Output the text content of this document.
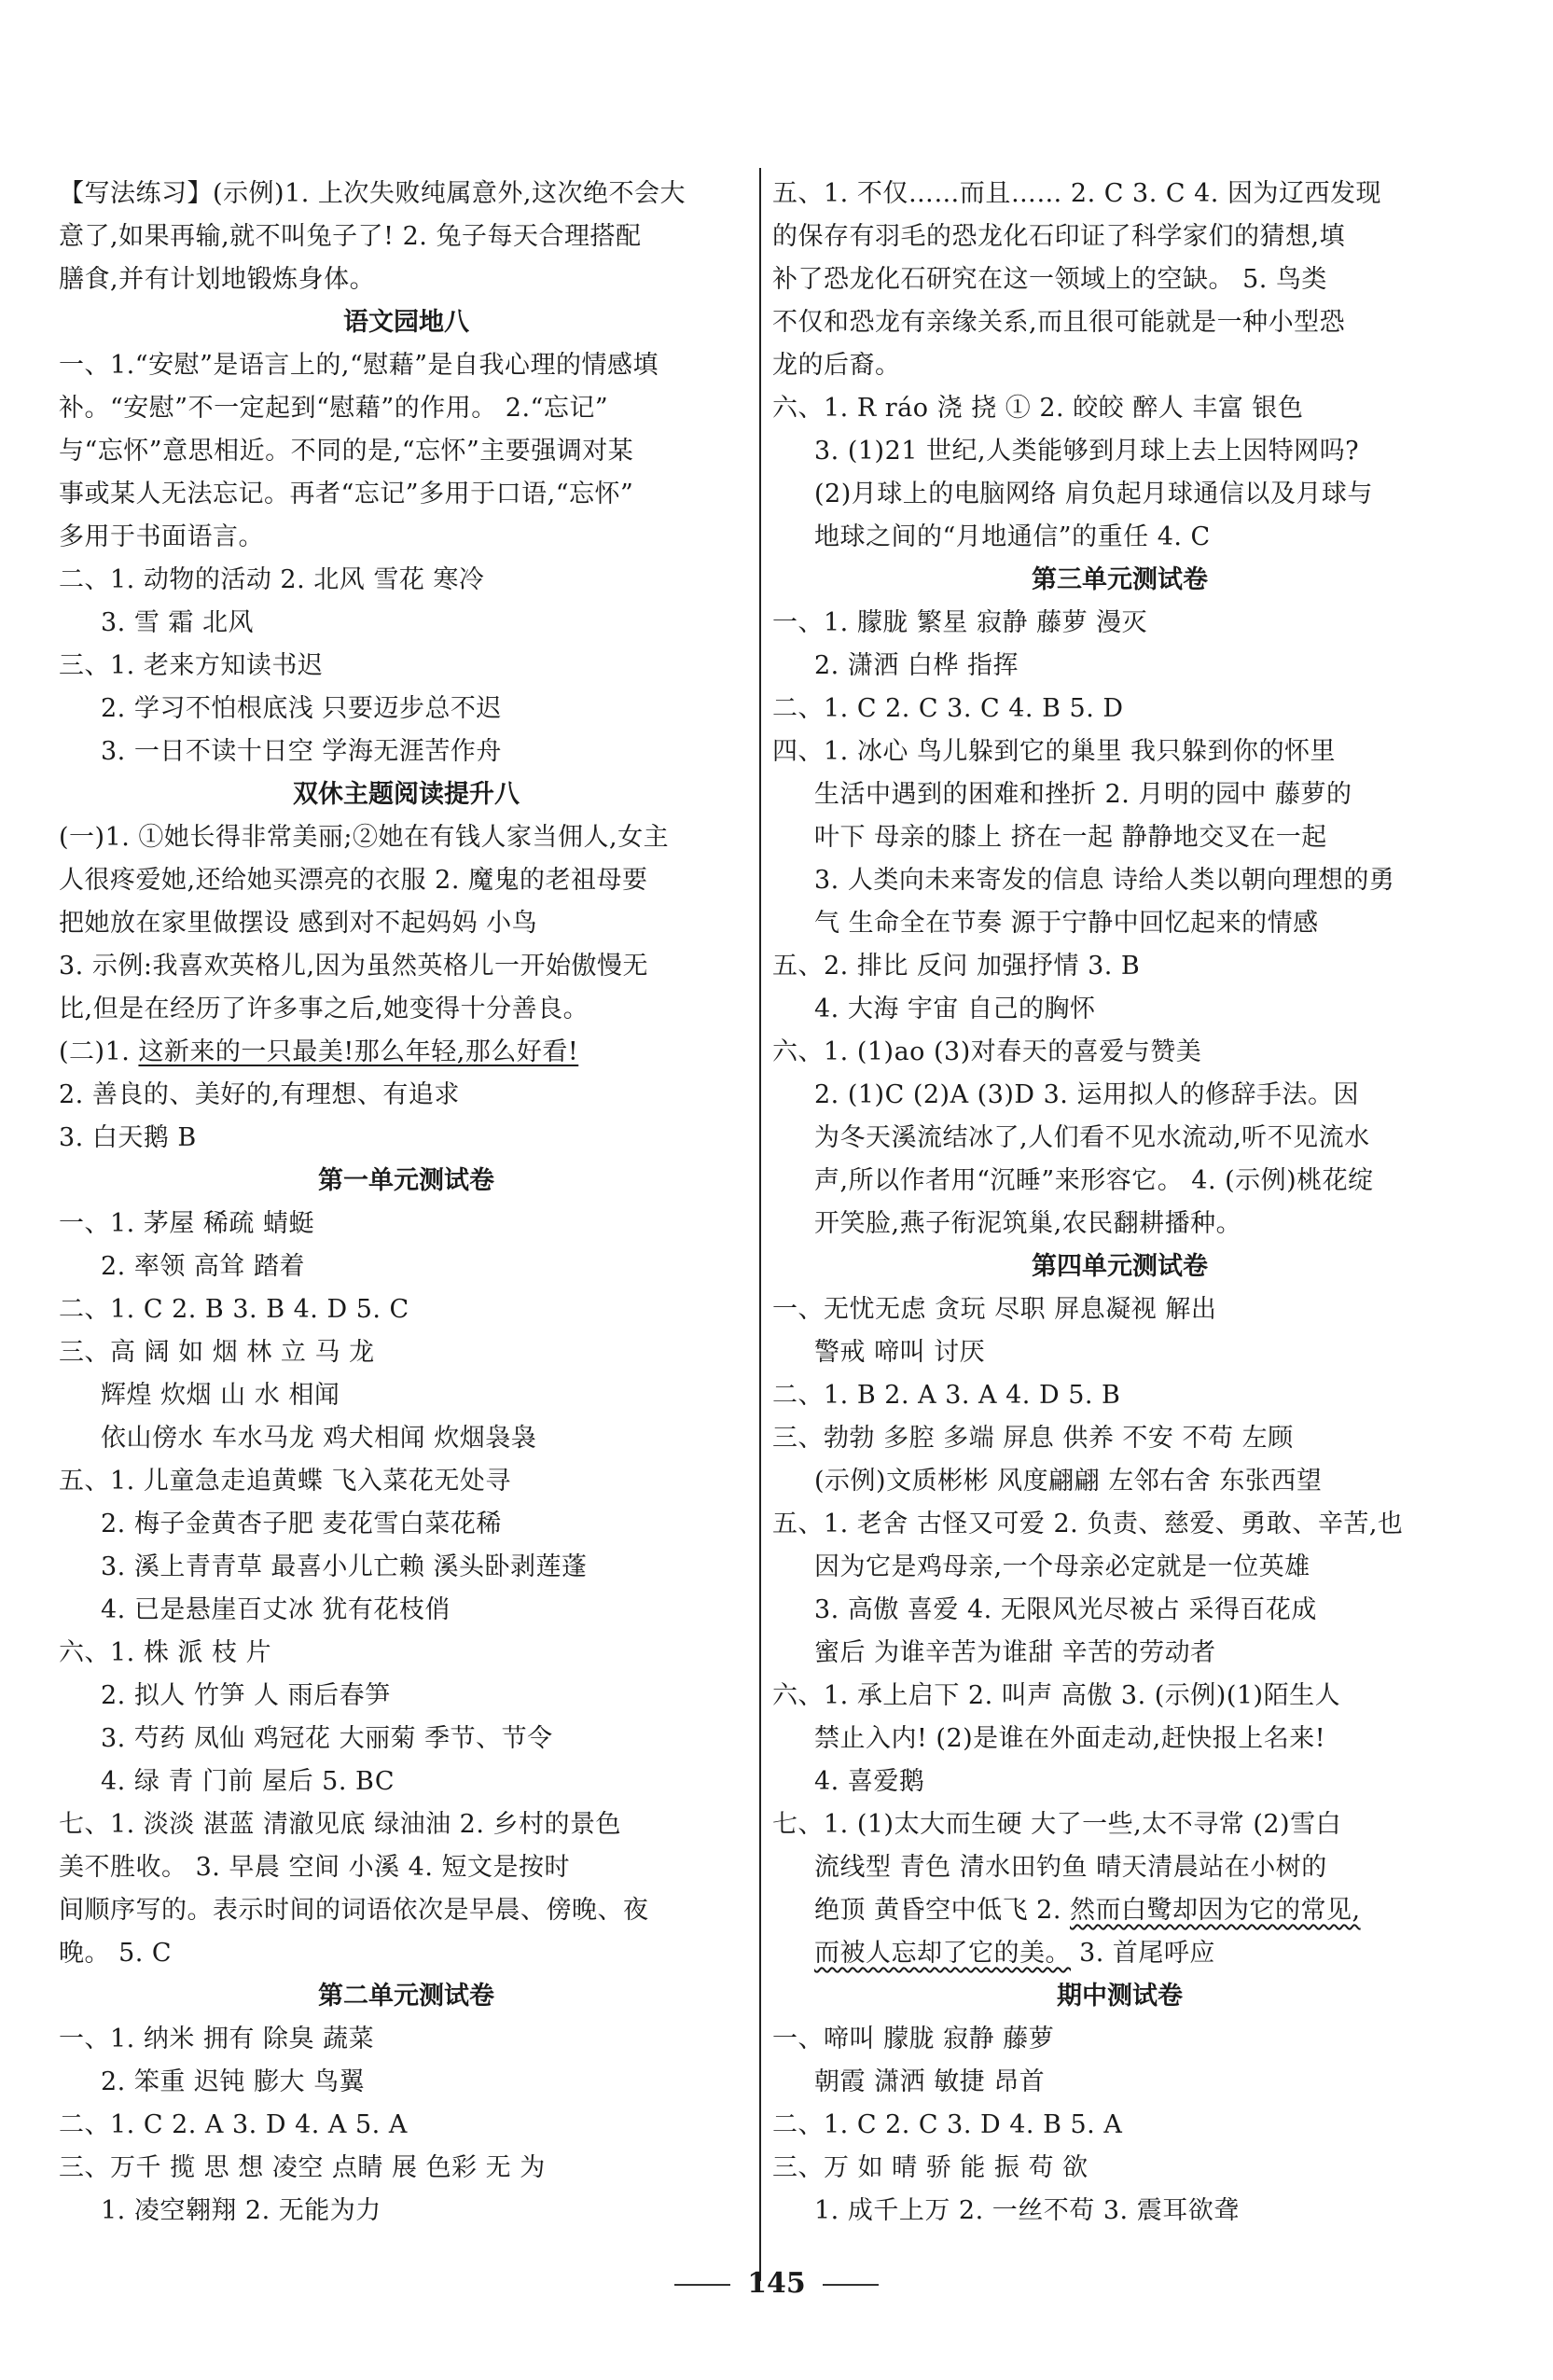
【写法练习】(示例)1. 上次失败纯属意外,这次绝不会大
意了,如果再输,就不叫兔子了! 2. 兔子每天合理搭配
膳食,并有计划地锻炼身体。
语文园地八
一、1.“安慰”是语言上的,“慰藉”是自我心理的情感填
补。“安慰”不一定起到“慰藉”的作用。 2.“忘记”
与“忘怀”意思相近。不同的是,“忘怀”主要强调对某
事或某人无法忘记。再者“忘记”多用于口语,“忘怀”
多用于书面语言。
二、1. 动物的活动 2. 北风 雪花 寒冷
3. 雪 霜 北风
三、1. 老来方知读书迟
2. 学习不怕根底浅 只要迈步总不迟
3. 一日不读十日空 学海无涯苦作舟
双休主题阅读提升八
(一)1. ①她长得非常美丽;②她在有钱人家当佣人,女主
人很疼爱她,还给她买漂亮的衣服 2. 魔鬼的老祖母要
把她放在家里做摆设 感到对不起妈妈 小鸟
3. 示例:我喜欢英格儿,因为虽然英格儿一开始傲慢无
比,但是在经历了许多事之后,她变得十分善良。
(二)1. 这新来的一只最美!那么年轻,那么好看!
2. 善良的、美好的,有理想、有追求
3. 白天鹅 B
第一单元测试卷
一、1. 茅屋 稀疏 蜻蜓
2. 率领 高耸 踏着
二、1. C 2. B 3. B 4. D 5. C
三、高 阔 如 烟 林 立 马 龙
辉煌 炊烟 山 水 相闻
依山傍水 车水马龙 鸡犬相闻 炊烟袅袅
五、1. 儿童急走追黄蝶 飞入菜花无处寻
2. 梅子金黄杏子肥 麦花雪白菜花稀
3. 溪上青青草 最喜小儿亡赖 溪头卧剥莲蓬
4. 已是悬崖百丈冰 犹有花枝俏
六、1. 株 派 枝 片
2. 拟人 竹笋 人 雨后春笋
3. 芍药 凤仙 鸡冠花 大丽菊 季节、节令
4. 绿 青 门前 屋后 5. BC
七、1. 淡淡 湛蓝 清澈见底 绿油油 2. 乡村的景色
美不胜收。 3. 早晨 空间 小溪 4. 短文是按时
间顺序写的。表示时间的词语依次是早晨、傍晚、夜
晚。 5. C
第二单元测试卷
一、1. 纳米 拥有 除臭 蔬菜
2. 笨重 迟钝 膨大 鸟翼
二、1. C 2. A 3. D 4. A 5. A
三、万千 揽 思 想 凌空 点睛 展 色彩 无 为
1. 凌空翱翔 2. 无能为力
五、1. 不仅……而且…… 2. C 3. C 4. 因为辽西发现
的保存有羽毛的恐龙化石印证了科学家们的猜想,填
补了恐龙化石研究在这一领域上的空缺。 5. 鸟类
不仅和恐龙有亲缘关系,而且很可能就是一种小型恐
龙的后裔。
六、1. R ráo 浇 挠 ① 2. 皎皎 醉人 丰富 银色
3. (1)21 世纪,人类能够到月球上去上因特网吗?
(2)月球上的电脑网络 肩负起月球通信以及月球与
地球之间的“月地通信”的重任 4. C
第三单元测试卷
一、1. 朦胧 繁星 寂静 藤萝 漫灭
2. 潇洒 白桦 指挥
二、1. C 2. C 3. C 4. B 5. D
四、1. 冰心 鸟儿躲到它的巢里 我只躲到你的怀里
生活中遇到的困难和挫折 2. 月明的园中 藤萝的
叶下 母亲的膝上 挤在一起 静静地交叉在一起
3. 人类向未来寄发的信息 诗给人类以朝向理想的勇
气 生命全在节奏 源于宁静中回忆起来的情感
五、2. 排比 反问 加强抒情 3. B
4. 大海 宇宙 自己的胸怀
六、1. (1)ao (3)对春天的喜爱与赞美
2. (1)C (2)A (3)D 3. 运用拟人的修辞手法。因
为冬天溪流结冰了,人们看不见水流动,听不见流水
声,所以作者用“沉睡”来形容它。 4. (示例)桃花绽
开笑脸,燕子衔泥筑巢,农民翻耕播种。
第四单元测试卷
一、无忧无虑 贪玩 尽职 屏息凝视 解出
警戒 啼叫 讨厌
二、1. B 2. A 3. A 4. D 5. B
三、勃勃 多腔 多端 屏息 供养 不安 不苟 左顾
(示例)文质彬彬 风度翩翩 左邻右舍 东张西望
五、1. 老舍 古怪又可爱 2. 负责、慈爱、勇敢、辛苦,也
因为它是鸡母亲,一个母亲必定就是一位英雄
3. 高傲 喜爱 4. 无限风光尽被占 采得百花成
蜜后 为谁辛苦为谁甜 辛苦的劳动者
六、1. 承上启下 2. 叫声 高傲 3. (示例)(1)陌生人
禁止入内! (2)是谁在外面走动,赶快报上名来!
4. 喜爱鹅
七、1. (1)太大而生硬 大了一些,太不寻常 (2)雪白
流线型 青色 清水田钓鱼 晴天清晨站在小树的
绝顶 黄昏空中低飞 2. 然而白鹭却因为它的常见,
而被人忘却了它的美。 3. 首尾呼应
期中测试卷
一、啼叫 朦胧 寂静 藤萝
朝霞 潇洒 敏捷 昂首
二、1. C 2. C 3. D 4. B 5. A
三、万 如 晴 骄 能 振 苟 欲
1. 成千上万 2. 一丝不苟 3. 震耳欲聋
145
